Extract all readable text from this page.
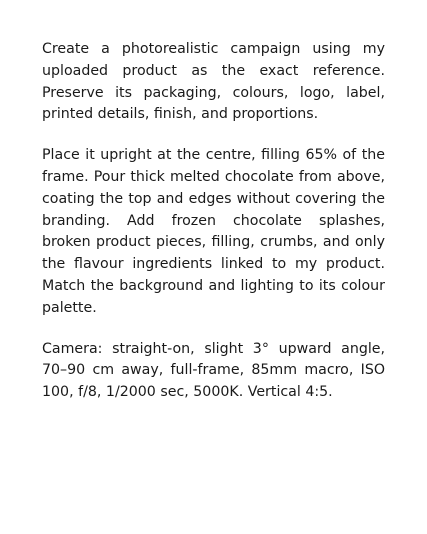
Create a photorealistic campaign using my uploaded product as the exact reference. Preserve its packaging, colours, logo, label, printed details, finish, and proportions.

Place it upright at the centre, filling 65% of the frame. Pour thick melted chocolate from above, coating the top and edges without covering the branding. Add frozen chocolate splashes, broken product pieces, filling, crumbs, and only the flavour ingredients linked to my product. Match the background and lighting to its colour palette.

Camera: straight-on, slight 3° upward angle, 70–90 cm away, full-frame, 85mm macro, ISO 100, f/8, 1/2000 sec, 5000K. Vertical 4:5.
